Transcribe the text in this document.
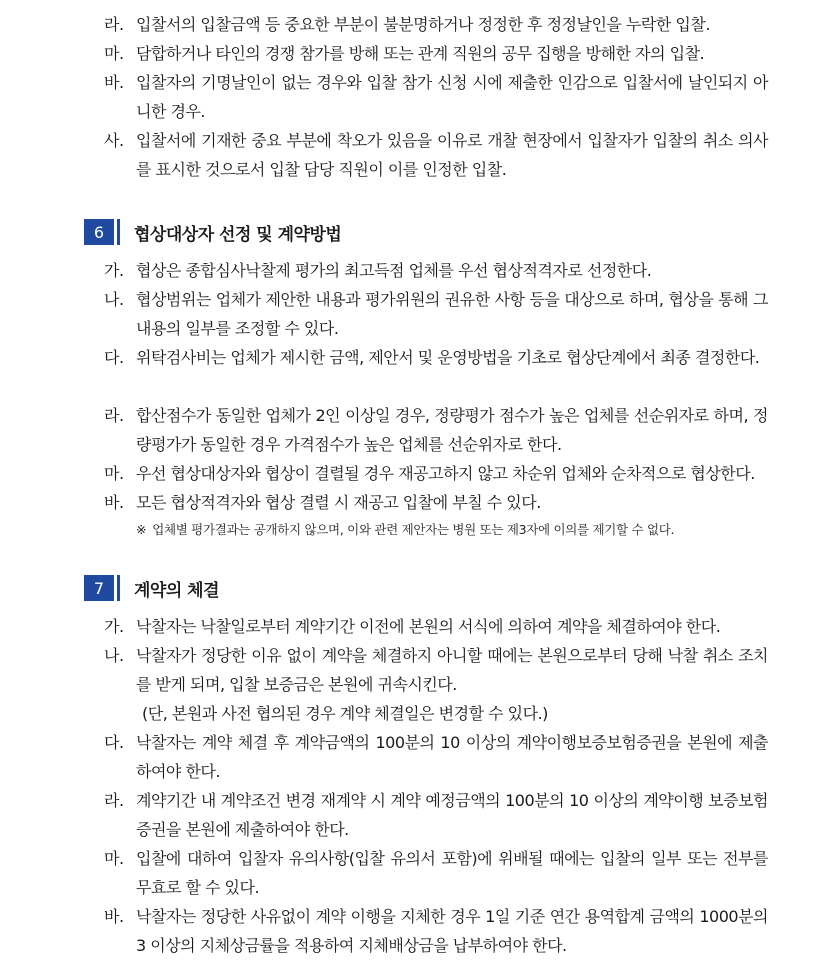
라. 입찰서의 입찰금액 등 중요한 부분이 불분명하거나 정정한 후 정정날인을 누락한 입찰.
마. 담합하거나 타인의 경쟁 참가를 방해 또는 관계 직원의 공무 집행을 방해한 자의 입찰.
바. 입찰자의 기명날인이 없는 경우와 입찰 참가 신청 시에 제출한 인감으로 입찰서에 날인되지 아니한 경우.
사. 입찰서에 기재한 중요 부분에 착오가 있음을 이유로 개찰 현장에서 입찰자가 입찰의 취소 의사를 표시한 것으로서 입찰 담당 직원이 이를 인정한 입찰.
6	협상대상자 선정 및 계약방법
가. 협상은 종합심사낙찰제 평가의 최고득점 업체를 우선 협상적격자로 선정한다.
나. 협상범위는 업체가 제안한 내용과 평가위원의 권유한 사항 등을 대상으로 하며, 협상을 통해 그 내용의 일부를 조정할 수 있다.
다. 위탁검사비는 업체가 제시한 금액, 제안서 및 운영방법을 기초로 협상단계에서 최종 결정한다.
라. 합산점수가 동일한 업체가 2인 이상일 경우, 정량평가 점수가 높은 업체를 선순위자로 하며, 정량평가가 동일한 경우 가격점수가 높은 업체를 선순위자로 한다.
마. 우선 협상대상자와 협상이 결렬될 경우 재공고하지 않고 차순위 업체와 순차적으로 협상한다.
바. 모든 협상적격자와 협상 결렬 시 재공고 입찰에 부칠 수 있다.
※ 업체별 평가결과는 공개하지 않으며, 이와 관련 제안자는 병원 또는 제3자에 이의를 제기할 수 없다.
7	계약의 체결
가. 낙찰자는 낙찰일로부터 계약기간 이전에 본원의 서식에 의하여 계약을 체결하여야 한다.
나. 낙찰자가 정당한 이유 없이 계약을 체결하지 아니할 때에는 본원으로부터 당해 낙찰 취소 조치를 받게 되며, 입찰 보증금은 본원에 귀속시킨다.
(단, 본원과 사전 협의된 경우 계약 체결일은 변경할 수 있다.)
다. 낙찰자는 계약 체결 후 계약금액의 100분의 10 이상의 계약이행보증보험증권을 본원에 제출하여야 한다.
라. 계약기간 내 계약조건 변경 재계약 시 계약 예정금액의 100분의 10 이상의 계약이행 보증보험증권을 본원에 제출하여야 한다.
마. 입찰에 대하여 입찰자 유의사항(입찰 유의서 포함)에 위배될 때에는 입찰의 일부 또는 전부를 무효로 할 수 있다.
바. 낙찰자는 정당한 사유없이 계약 이행을 지체한 경우 1일 기준 연간 용역합계 금액의 1000분의 3 이상의 지체상금률을 적용하여 지체배상금을 납부하여야 한다.
